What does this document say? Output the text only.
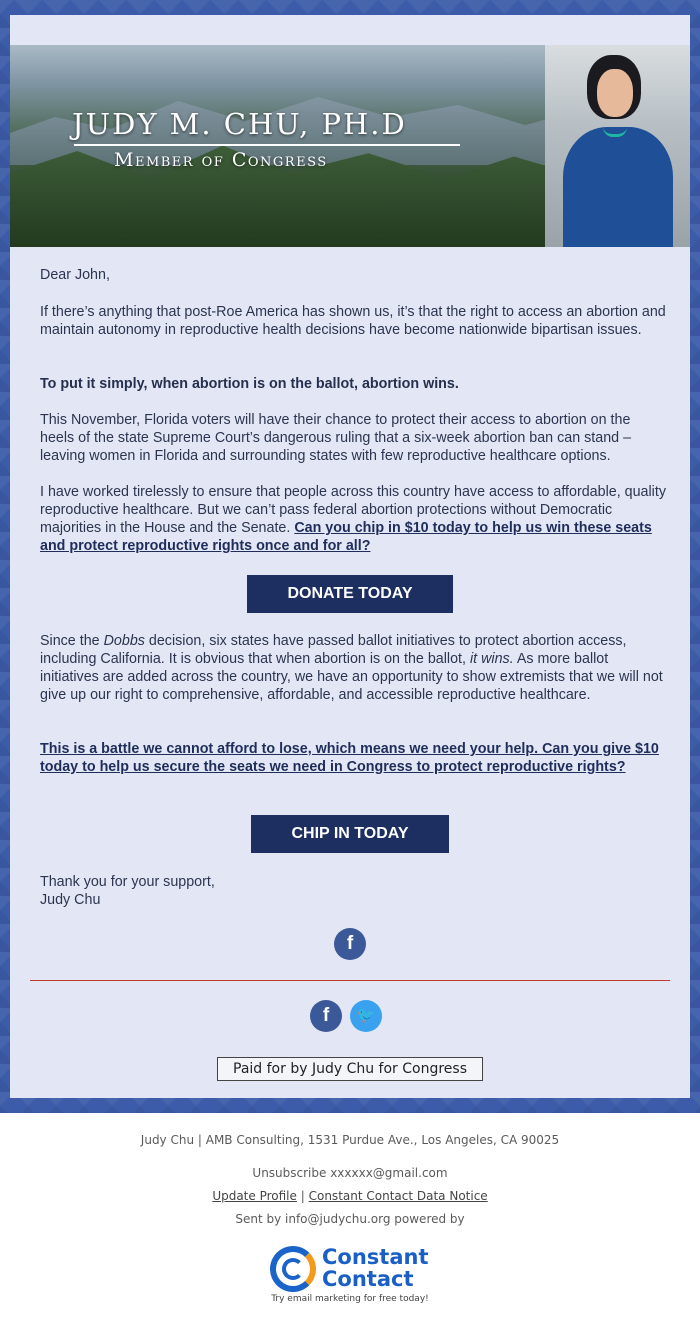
JUDY M. CHU, PH.D
Member of Congress
Dear John,
If there’s anything that post-Roe America has shown us, it’s that the right to access an abortion and maintain autonomy in reproductive health decisions have become nationwide bipartisan issues.
To put it simply, when abortion is on the ballot, abortion wins.
This November, Florida voters will have their chance to protect their access to abortion on the heels of the state Supreme Court’s dangerous ruling that a six-week abortion ban can stand – leaving women in Florida and surrounding states with few reproductive healthcare options.
I have worked tirelessly to ensure that people across this country have access to affordable, quality reproductive healthcare. But we can’t pass federal abortion protections without Democratic majorities in the House and the Senate. Can you chip in $10 today to help us win these seats and protect reproductive rights once and for all?
DONATE TODAY
Since the Dobbs decision, six states have passed ballot initiatives to protect abortion access, including California. It is obvious that when abortion is on the ballot, it wins. As more ballot initiatives are added across the country, we have an opportunity to show extremists that we will not give up our right to comprehensive, affordable, and accessible reproductive healthcare.
This is a battle we cannot afford to lose, which means we need your help. Can you give $10 today to help us secure the seats we need in Congress to protect reproductive rights?
CHIP IN TODAY
Thank you for your support,
Judy Chu
f
f	🐦
Paid for by Judy Chu for Congress
Judy Chu | AMB Consulting, 1531 Purdue Ave., Los Angeles, CA 90025
Unsubscribe xxxxxx@gmail.com
Update Profile | Constant Contact Data Notice
Sent by info@judychu.org powered by
Constant
Contact
Try email marketing for free today!
